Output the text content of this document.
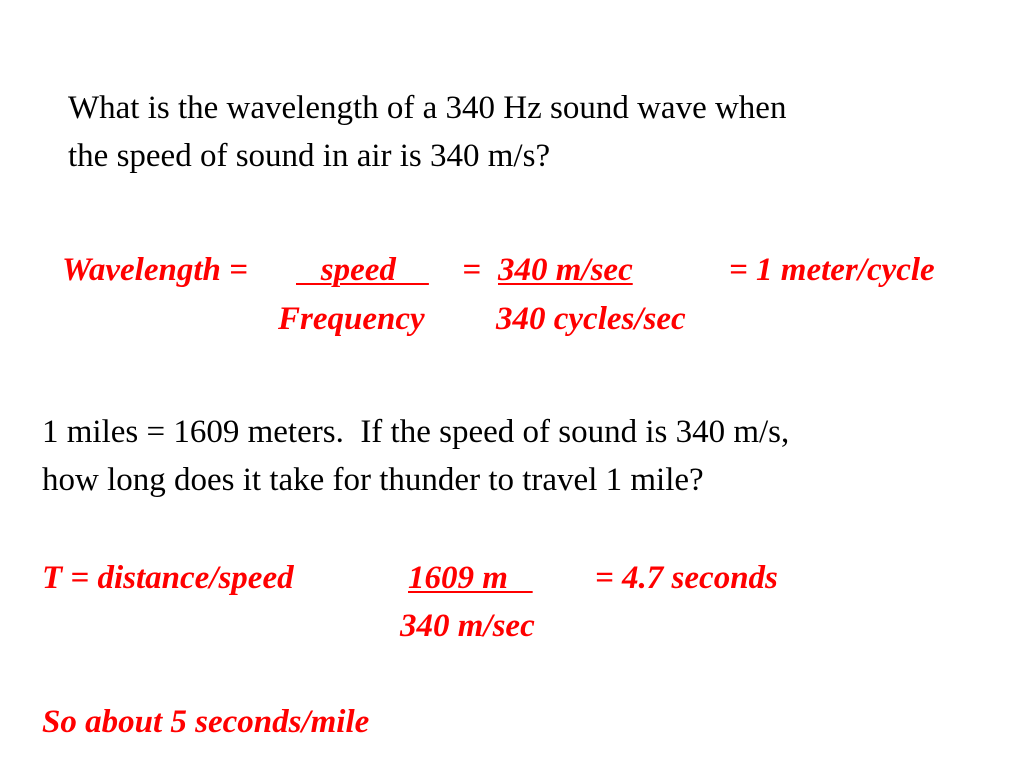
What is the wavelength of a 340 Hz sound wave when
the speed of sound in air is 340 m/s?
Wavelength = speed = 340 m/sec	= 1 meter/cycle
Frequency 340 cycles/sec
1 miles = 1609 meters.  If the speed of sound is 340 m/s,
how long does it take for thunder to travel 1 mile?
T = distance/speed	1609 m = 4.7 seconds
340 m/sec
So about 5 seconds/mile
